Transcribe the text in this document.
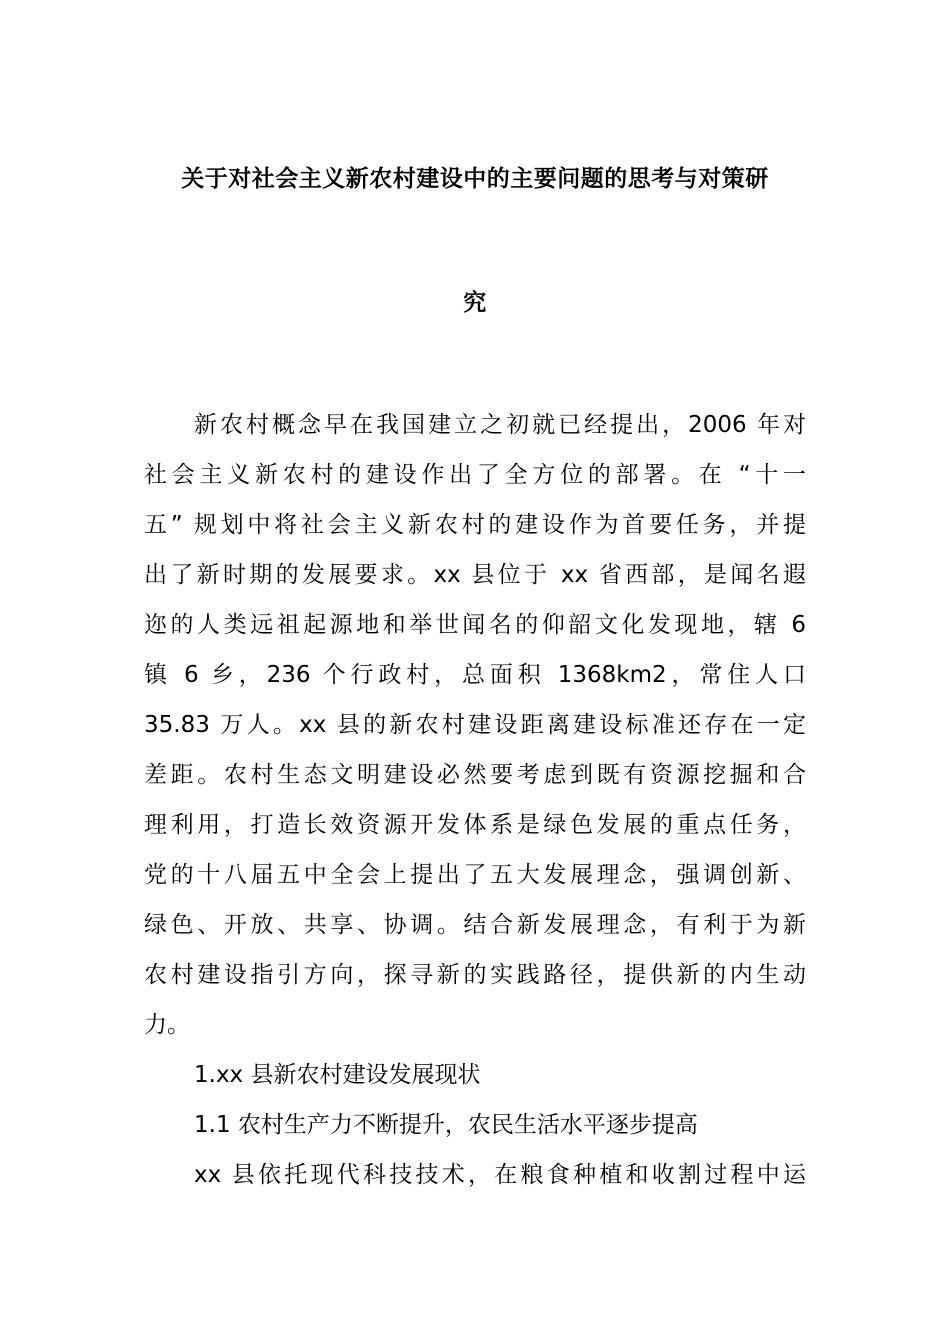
关于对社会主义新农村建设中的主要问题的思考与对策研
究
新农村概念早在我国建立之初就已经提出，2006 年对
社会主义新农村的建设作出了全方位的部署。在 “十一
五” 规划中将社会主义新农村的建设作为首要任务，并提
出了新时期的发展要求。xx 县位于 xx 省西部，是闻名遐
迩的人类远祖起源地和举世闻名的仰韶文化发现地，辖 6
镇 6 乡，236 个行政村，总面积 1368km2，常住人口
35.83 万人。xx 县的新农村建设距离建设标准还存在一定
差距。农村生态文明建设必然要考虑到既有资源挖掘和合
理利用，打造长效资源开发体系是绿色发展的重点任务，
党的十八届五中全会上提出了五大发展理念，强调创新、
绿色、开放、共享、协调。结合新发展理念，有利于为新
农村建设指引方向，探寻新的实践路径，提供新的内生动
力。
1.xx 县新农村建设发展现状
1.1 农村生产力不断提升，农民生活水平逐步提高
xx 县依托现代科技技术，在粮食种植和收割过程中运
